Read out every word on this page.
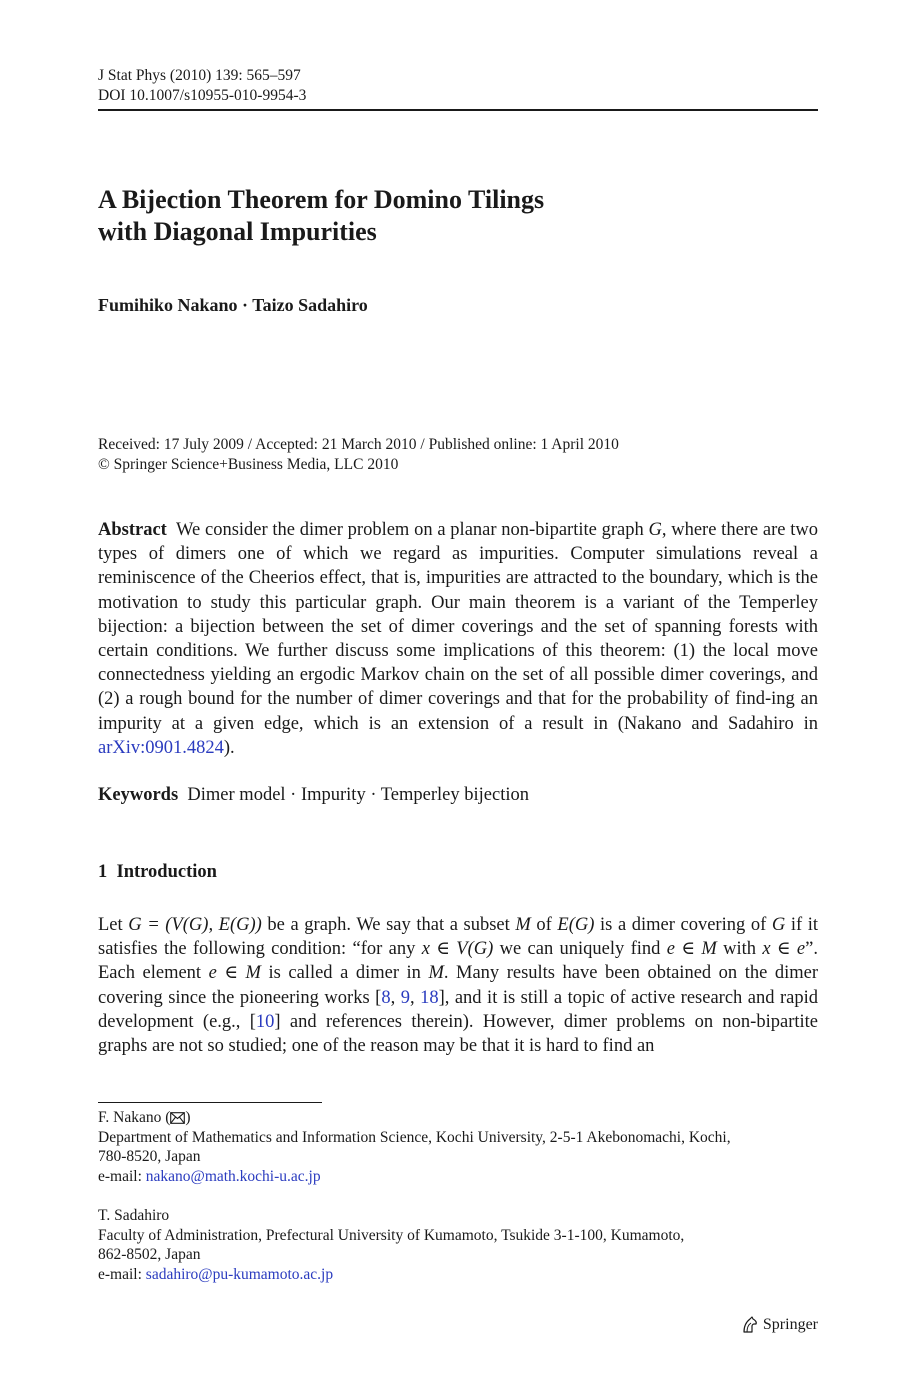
J Stat Phys (2010) 139: 565–597
DOI 10.1007/s10955-010-9954-3
A Bijection Theorem for Domino Tilings
with Diagonal Impurities
Fumihiko Nakano · Taizo Sadahiro
Received: 17 July 2009 / Accepted: 21 March 2010 / Published online: 1 April 2010
© Springer Science+Business Media, LLC 2010
Abstract We consider the dimer problem on a planar non-bipartite graph G, where there are two types of dimers one of which we regard as impurities. Computer simulations reveal a reminiscence of the Cheerios effect, that is, impurities are attracted to the boundary, which is the motivation to study this particular graph. Our main theorem is a variant of the Temperley bijection: a bijection between the set of dimer coverings and the set of spanning forests with certain conditions. We further discuss some implications of this theorem: (1) the local move connectedness yielding an ergodic Markov chain on the set of all possible dimer coverings, and (2) a rough bound for the number of dimer coverings and that for the probability of find-ing an impurity at a given edge, which is an extension of a result in (Nakano and Sadahiro in arXiv:0901.4824).
Keywords Dimer model · Impurity · Temperley bijection
1 Introduction
Let G = (V(G), E(G)) be a graph. We say that a subset M of E(G) is a dimer covering of G if it satisfies the following condition: “for any x ∈ V(G) we can uniquely find e ∈ M with x ∈ e”. Each element e ∈ M is called a dimer in M. Many results have been obtained on the dimer covering since the pioneering works [8, 9, 18], and it is still a topic of active research and rapid development (e.g., [10] and references therein). However, dimer problems on non-bipartite graphs are not so studied; one of the reason may be that it is hard to find an
F. Nakano ( )
Department of Mathematics and Information Science, Kochi University, 2-5-1 Akebonomachi, Kochi,
780-8520, Japan
e-mail: nakano@math.kochi-u.ac.jp
T. Sadahiro
Faculty of Administration, Prefectural University of Kumamoto, Tsukide 3-1-100, Kumamoto,
862-8502, Japan
e-mail: sadahiro@pu-kumamoto.ac.jp
Springer
